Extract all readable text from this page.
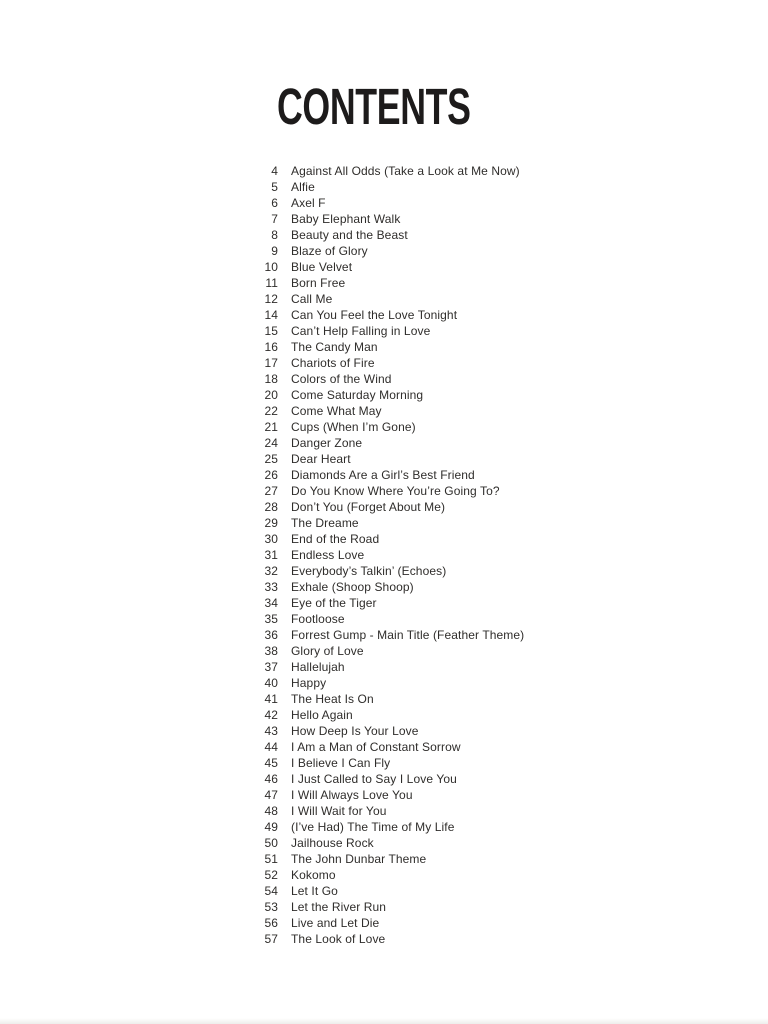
CONTENTS
4 Against All Odds (Take a Look at Me Now)
5 Alfie
6 Axel F
7 Baby Elephant Walk
8 Beauty and the Beast
9 Blaze of Glory
10 Blue Velvet
11 Born Free
12 Call Me
14 Can You Feel the Love Tonight
15 Can’t Help Falling in Love
16 The Candy Man
17 Chariots of Fire
18 Colors of the Wind
20 Come Saturday Morning
22 Come What May
21 Cups (When I’m Gone)
24 Danger Zone
25 Dear Heart
26 Diamonds Are a Girl’s Best Friend
27 Do You Know Where You’re Going To?
28 Don’t You (Forget About Me)
29 The Dreame
30 End of the Road
31 Endless Love
32 Everybody’s Talkin’ (Echoes)
33 Exhale (Shoop Shoop)
34 Eye of the Tiger
35 Footloose
36 Forrest Gump - Main Title (Feather Theme)
38 Glory of Love
37 Hallelujah
40 Happy
41 The Heat Is On
42 Hello Again
43 How Deep Is Your Love
44 I Am a Man of Constant Sorrow
45 I Believe I Can Fly
46 I Just Called to Say I Love You
47 I Will Always Love You
48 I Will Wait for You
49 (I’ve Had) The Time of My Life
50 Jailhouse Rock
51 The John Dunbar Theme
52 Kokomo
54 Let It Go
53 Let the River Run
56 Live and Let Die
57 The Look of Love
